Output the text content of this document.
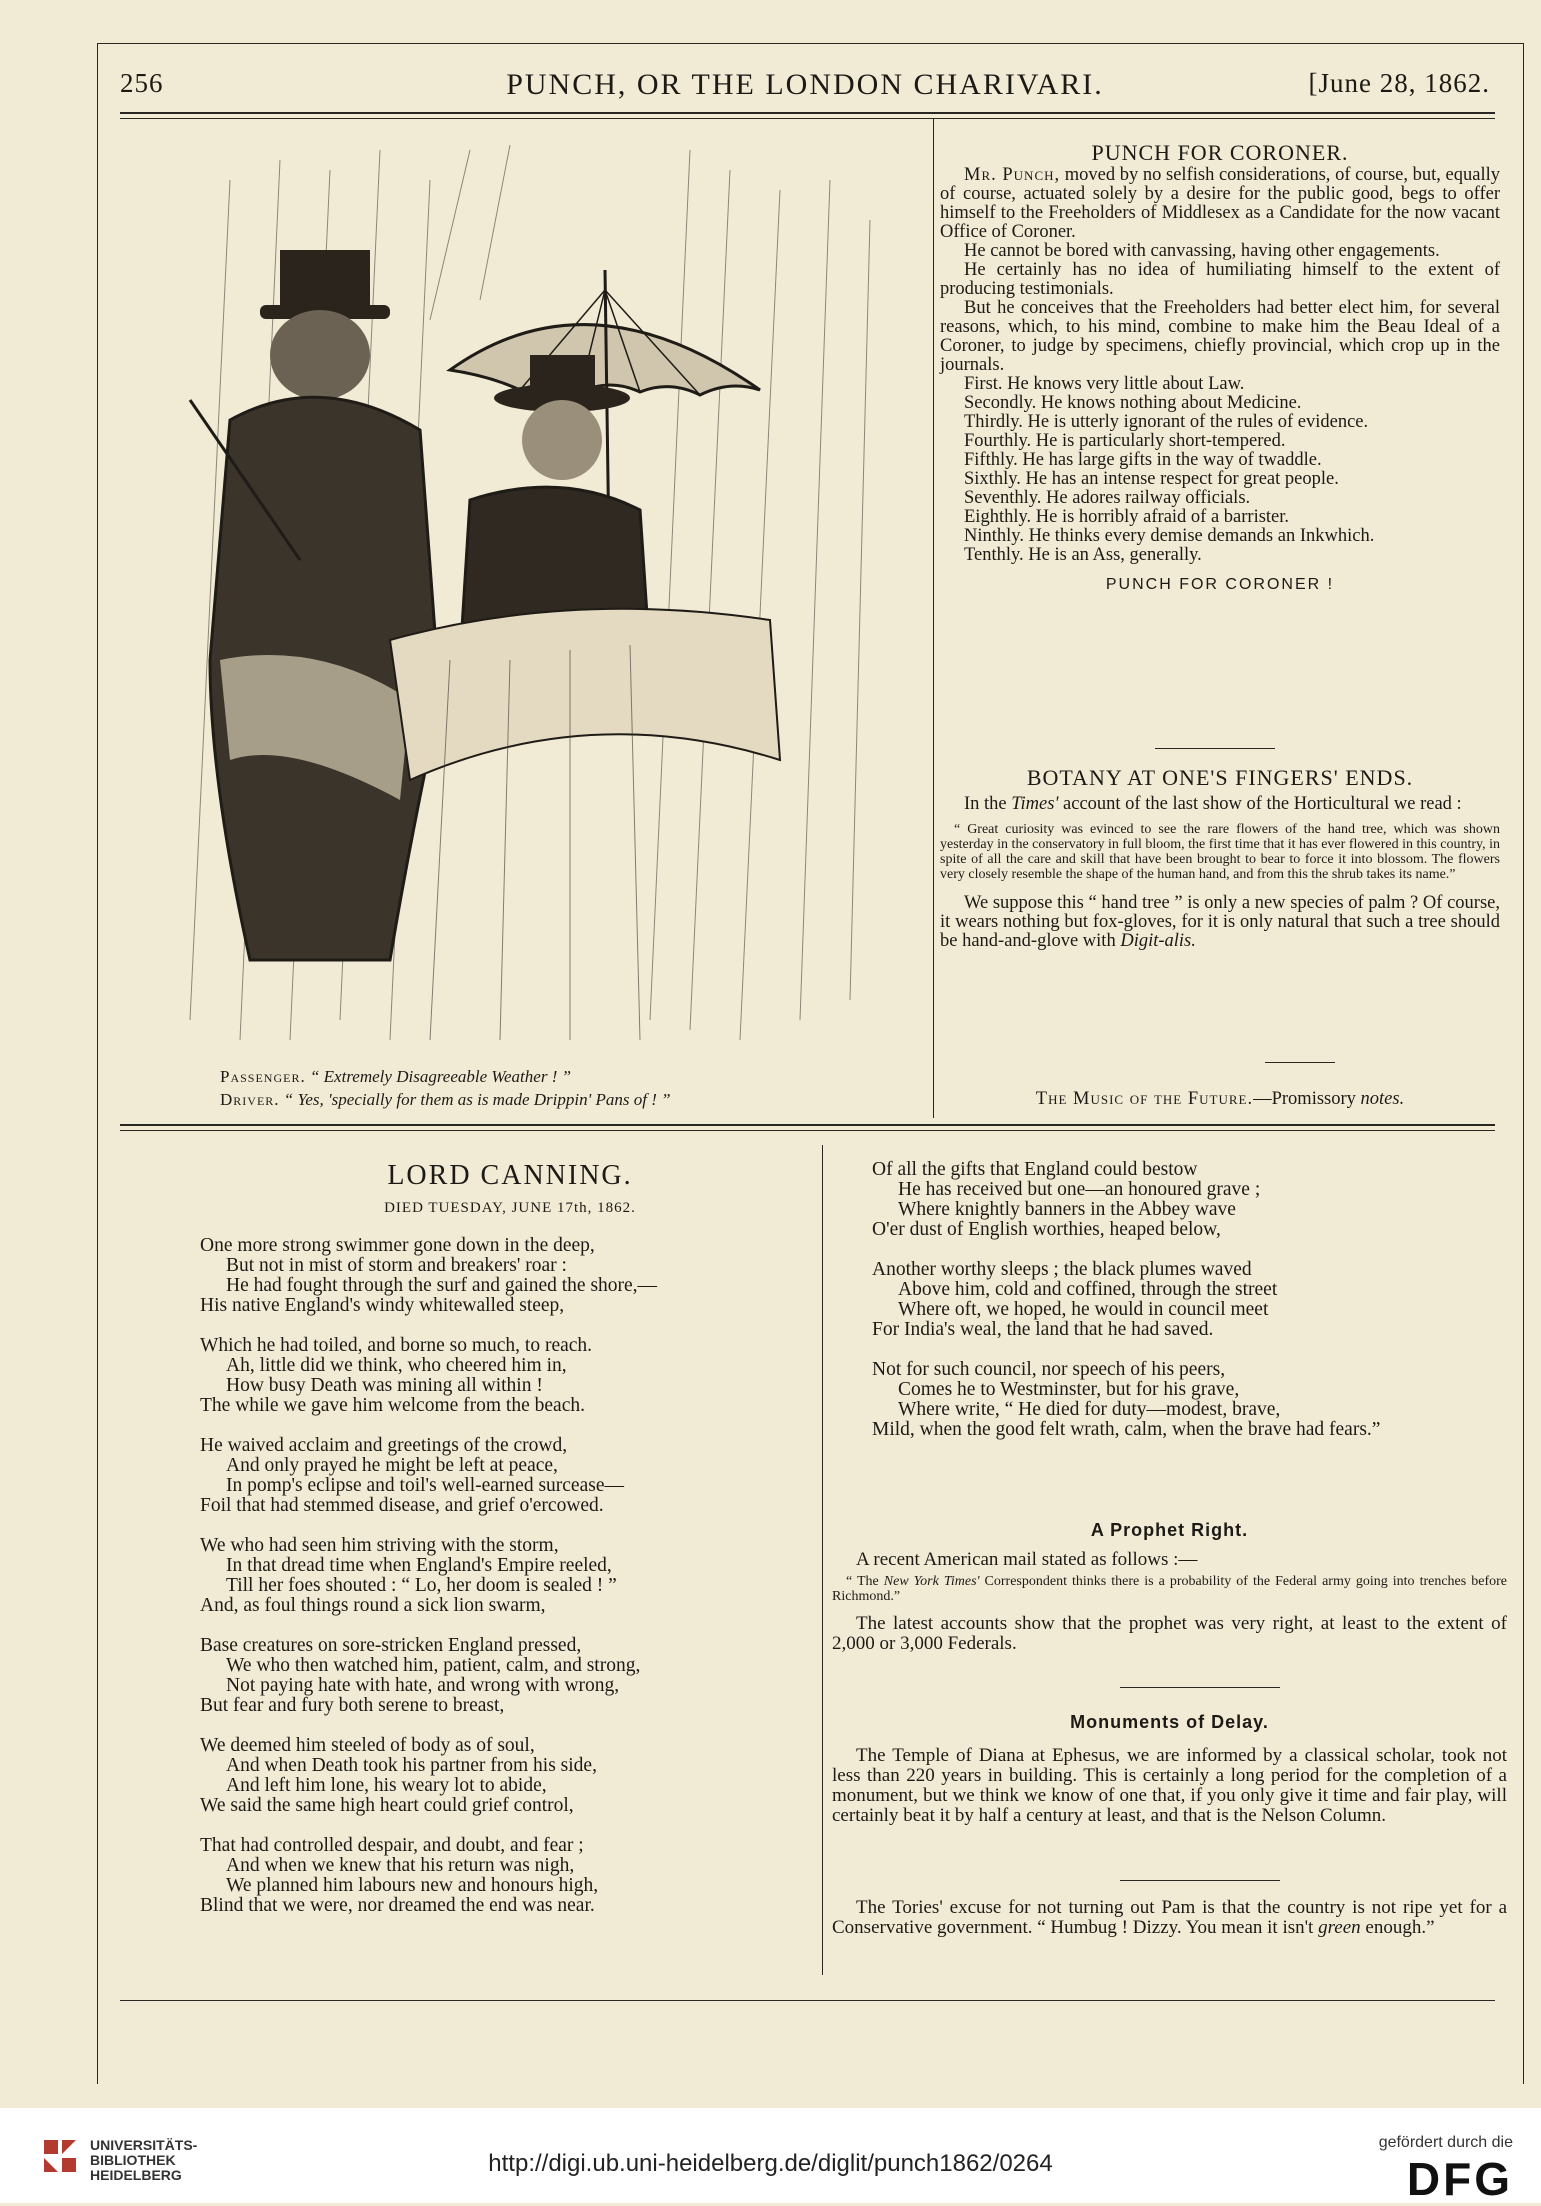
256	PUNCH, OR THE LONDON CHARIVARI.	[June 28, 1862.
Passenger. “ Extremely Disagreeable Weather ! ”
Driver. “ Yes, 'specially for them as is made Drippin' Pans of ! ”
PUNCH FOR CORONER.
Mr. Punch, moved by no selfish considerations, of course, but, equally of course, actuated solely by a desire for the public good, begs to offer himself to the Freeholders of Middlesex as a Candidate for the now vacant Office of Coroner.
He cannot be bored with canvassing, having other engagements.
He certainly has no idea of humiliating himself to the extent of producing testimonials.
But he conceives that the Freeholders had better elect him, for several reasons, which, to his mind, combine to make him the Beau Ideal of a Coroner, to judge by specimens, chiefly provincial, which crop up in the journals.
First. He knows very little about Law.
Secondly. He knows nothing about Medicine.
Thirdly. He is utterly ignorant of the rules of evidence.
Fourthly. He is particularly short-tempered.
Fifthly. He has large gifts in the way of twaddle.
Sixthly. He has an intense respect for great people.
Seventhly. He adores railway officials.
Eighthly. He is horribly afraid of a barrister.
Ninthly. He thinks every demise demands an Inkwhich.
Tenthly. He is an Ass, generally.
PUNCH FOR CORONER !
BOTANY AT ONE'S FINGERS' ENDS.
In the Times' account of the last show of the Horticultural we read :
“ Great curiosity was evinced to see the rare flowers of the hand tree, which was shown yesterday in the conservatory in full bloom, the first time that it has ever flowered in this country, in spite of all the care and skill that have been brought to bear to force it into blossom. The flowers very closely resemble the shape of the human hand, and from this the shrub takes its name.”
We suppose this “ hand tree ” is only a new species of palm ? Of course, it wears nothing but fox-gloves, for it is only natural that such a tree should be hand-and-glove with Digit-alis.
The Music of the Future.—Promissory notes.
LORD CANNING.
DIED TUESDAY, JUNE 17th, 1862.
One more strong swimmer gone down in the deep,
But not in mist of storm and breakers' roar :
He had fought through the surf and gained the shore,—
His native England's windy whitewalled steep,
Which he had toiled, and borne so much, to reach.
Ah, little did we think, who cheered him in,
How busy Death was mining all within !
The while we gave him welcome from the beach.
He waived acclaim and greetings of the crowd,
And only prayed he might be left at peace,
In pomp's eclipse and toil's well-earned surcease—
Foil that had stemmed disease, and grief o'ercowed.
We who had seen him striving with the storm,
In that dread time when England's Empire reeled,
Till her foes shouted : “ Lo, her doom is sealed ! ”
And, as foul things round a sick lion swarm,
Base creatures on sore-stricken England pressed,
We who then watched him, patient, calm, and strong,
Not paying hate with hate, and wrong with wrong,
But fear and fury both serene to breast,
We deemed him steeled of body as of soul,
And when Death took his partner from his side,
And left him lone, his weary lot to abide,
We said the same high heart could grief control,
That had controlled despair, and doubt, and fear ;
And when we knew that his return was nigh,
We planned him labours new and honours high,
Blind that we were, nor dreamed the end was near.
Of all the gifts that England could bestow
He has received but one—an honoured grave ;
Where knightly banners in the Abbey wave
O'er dust of English worthies, heaped below,
Another worthy sleeps ; the black plumes waved
Above him, cold and coffined, through the street
Where oft, we hoped, he would in council meet
For India's weal, the land that he had saved.
Not for such council, nor speech of his peers,
Comes he to Westminster, but for his grave,
Where write, “ He died for duty—modest, brave,
Mild, when the good felt wrath, calm, when the brave had fears.”
A Prophet Right.
A recent American mail stated as follows :—
“ The New York Times' Correspondent thinks there is a probability of the Federal army going into trenches before Richmond.”
The latest accounts show that the prophet was very right, at least to the extent of 2,000 or 3,000 Federals.
Monuments of Delay.
The Temple of Diana at Ephesus, we are informed by a classical scholar, took not less than 220 years in building. This is certainly a long period for the completion of a monument, but we think we know of one that, if you only give it time and fair play, will certainly beat it by half a century at least, and that is the Nelson Column.
The Tories' excuse for not turning out Pam is that the country is not ripe yet for a Conservative government. “ Humbug ! Dizzy. You mean it isn't green enough.”
UNIVERSITÄTS-
BIBLIOTHEK
HEIDELBERG	http://digi.ub.uni-heidelberg.de/diglit/punch1862/0264
gefördert durch die
DFG
